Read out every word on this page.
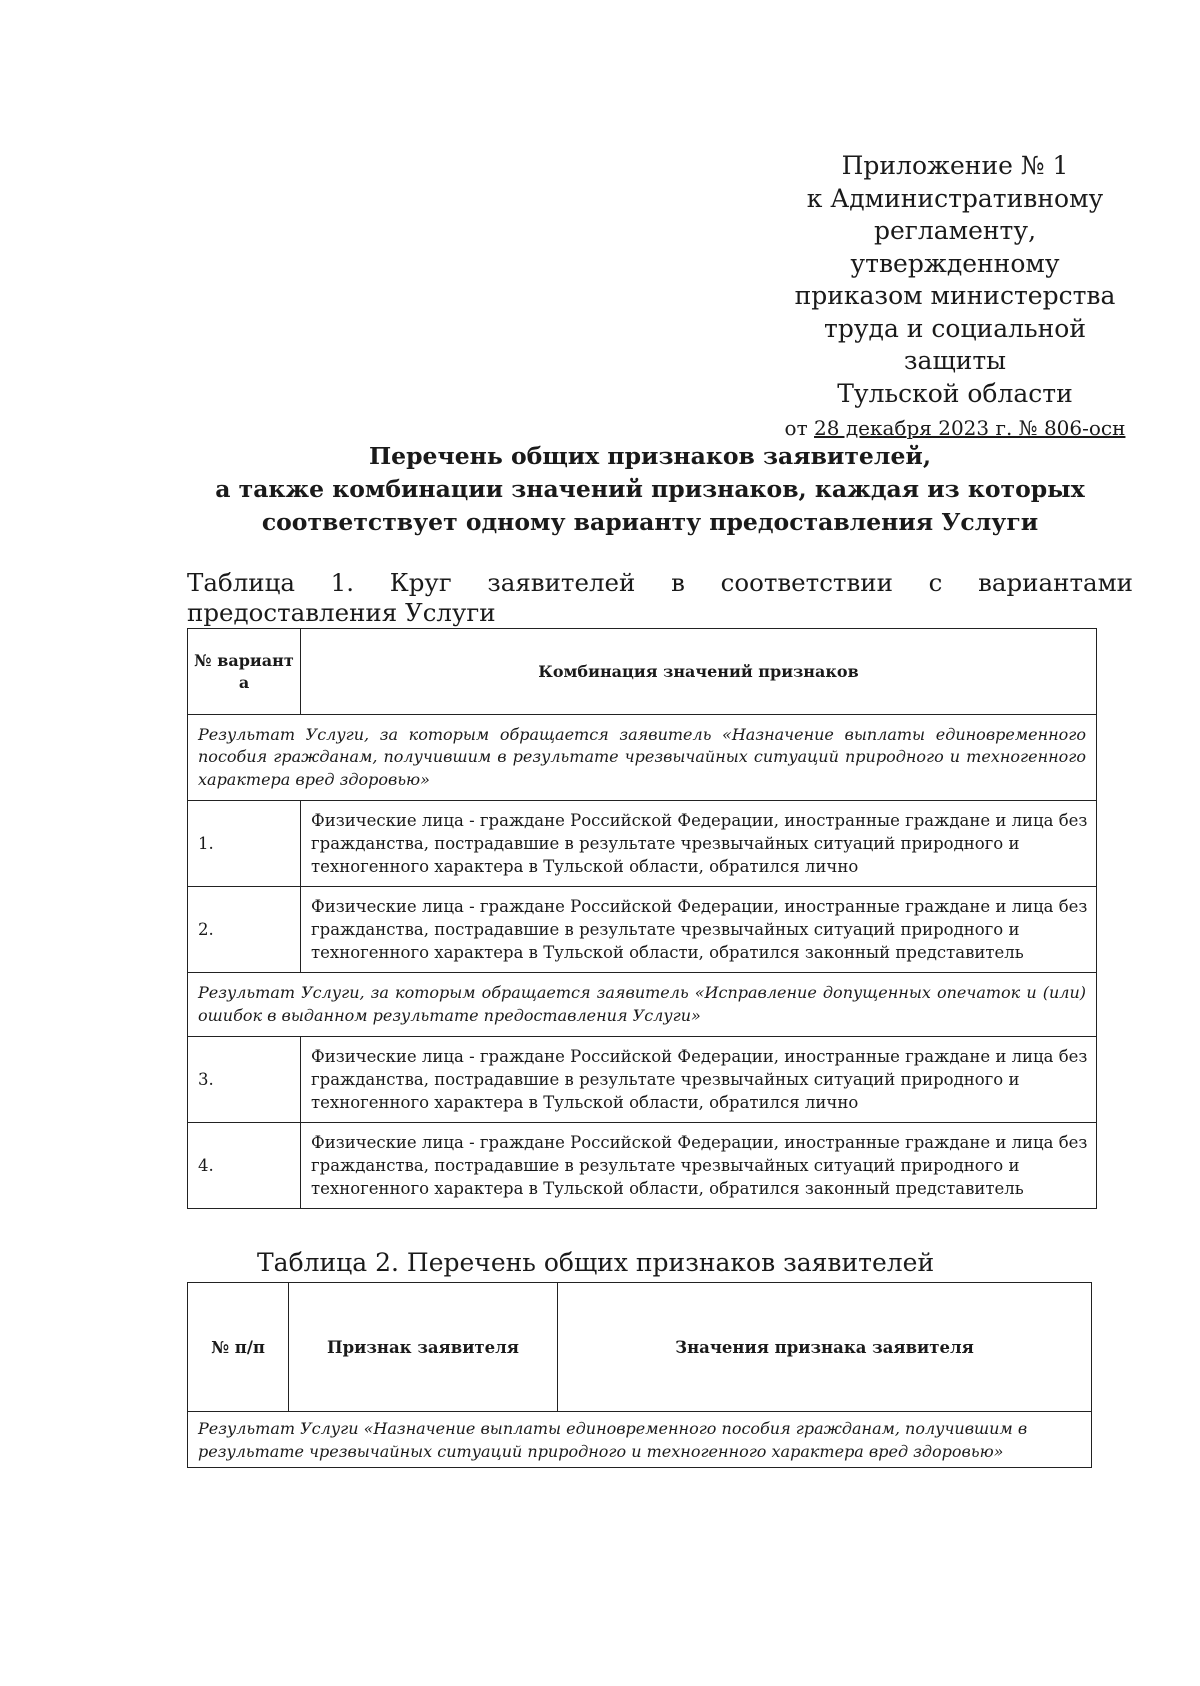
Приложение № 1
к Административному
регламенту, утвержденному
приказом министерства
труда и социальной защиты
Тульской области
от 28 декабря 2023 г. № 806-осн
Перечень общих признаков заявителей,
а также комбинации значений признаков, каждая из которых
соответствует одному варианту предоставления Услуги
Таблица 1. Круг заявителей в соответствии с вариантами
предоставления Услуги
№ варианта	Комбинация значений признаков
Результат Услуги, за которым обращается заявитель «Назначение выплаты единовременного пособия гражданам, получившим в результате чрезвычайных ситуаций природного и техногенного характера вред здоровью»	
1.	Физические лица - граждане Российской Федерации, иностранные граждане и лица без гражданства, пострадавшие в результате чрезвычайных ситуаций природного и техногенного характера в Тульской области, обратился лично
2.	Физические лица - граждане Российской Федерации, иностранные граждане и лица без гражданства, пострадавшие в результате чрезвычайных ситуаций природного и техногенного характера в Тульской области, обратился законный представитель
Результат Услуги, за которым обращается заявитель «Исправление допущенных опечаток и (или) ошибок в выданном результате предоставления Услуги»	
3.	Физические лица - граждане Российской Федерации, иностранные граждане и лица без гражданства, пострадавшие в результате чрезвычайных ситуаций природного и техногенного характера в Тульской области, обратился лично
4.	Физические лица - граждане Российской Федерации, иностранные граждане и лица без гражданства, пострадавшие в результате чрезвычайных ситуаций природного и техногенного характера в Тульской области, обратился законный представитель
Таблица 2. Перечень общих признаков заявителей
№ п/п	Признак заявителя	Значения признака заявителя
Результат Услуги «Назначение выплаты единовременного пособия гражданам, получившим в результате чрезвычайных ситуаций природного и техногенного характера вред здоровью»
